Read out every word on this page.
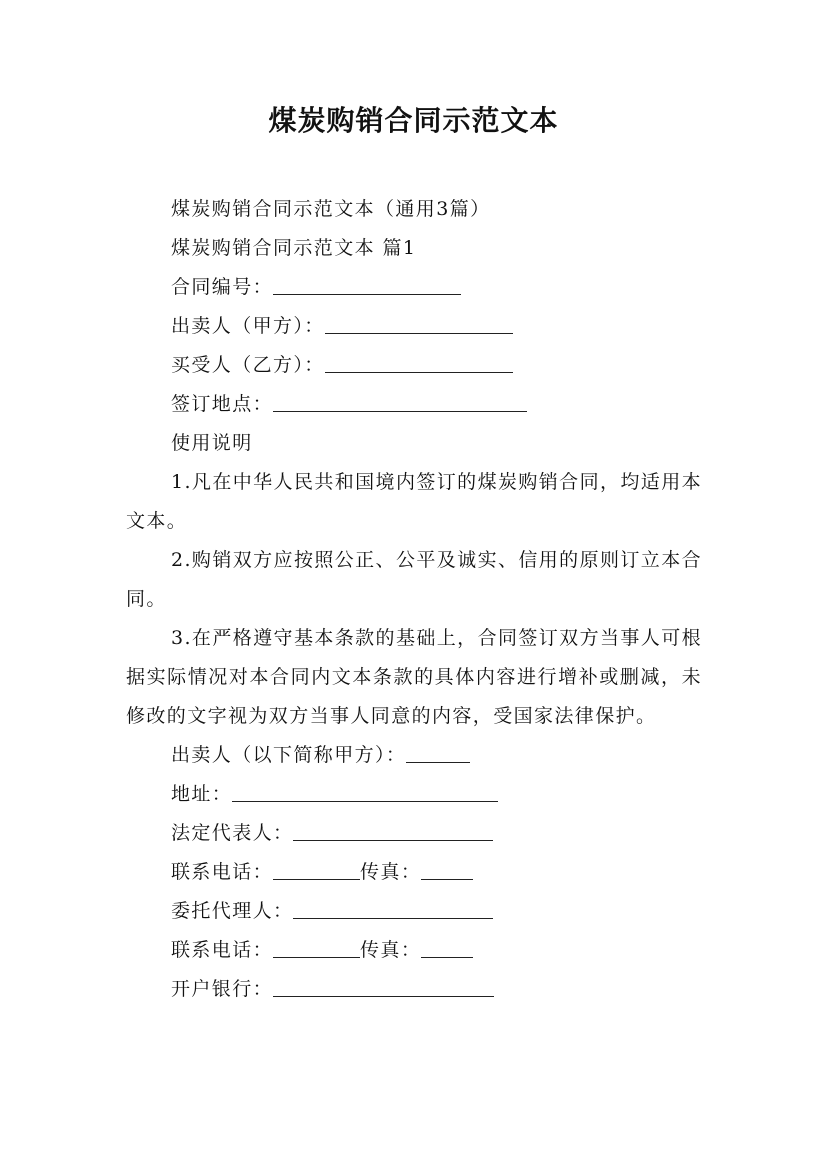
煤炭购销合同示范文本

煤炭购销合同示范文本（通用3篇）

煤炭购销合同示范文本 篇1

合同编号：

出卖人（甲方）：

买受人（乙方）：

签订地点：

使用说明

1.凡在中华人民共和国境内签订的煤炭购销合同，均适用本文本。

2.购销双方应按照公正、公平及诚实、信用的原则订立本合同。

3.在严格遵守基本条款的基础上，合同签订双方当事人可根据实际情况对本合同内文本条款的具体内容进行增补或删减，未修改的文字视为双方当事人同意的内容，受国家法律保护。

出卖人（以下简称甲方）：

地址：

法定代表人：

联系电话：	传真：

委托代理人：

联系电话：	传真：

开户银行：
